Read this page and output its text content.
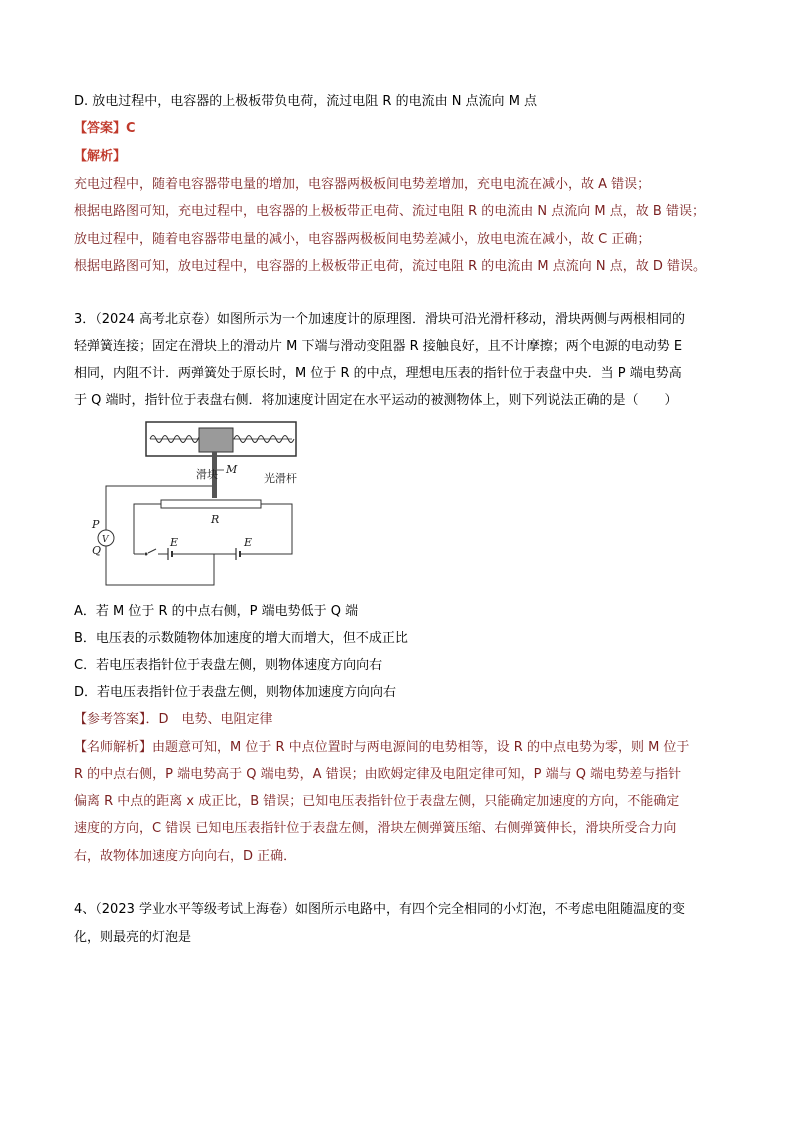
D. 放电过程中，电容器的上极板带负电荷，流过电阻 R 的电流由 N 点流向 M 点
【答案】C
【解析】
充电过程中，随着电容器带电量的增加，电容器两极板间电势差增加，充电电流在减小，故 A 错误；
根据电路图可知，充电过程中，电容器的上极板带正电荷、流过电阻 R 的电流由 N 点流向 M 点，故 B 错误；
放电过程中，随着电容器带电量的减小，电容器两极板间电势差减小，放电电流在减小，故 C 正确；
根据电路图可知，放电过程中，电容器的上极板带正电荷，流过电阻 R 的电流由 M 点流向 N 点，故 D 错误。
3．（2024 高考北京卷）如图所示为一个加速度计的原理图．滑块可沿光滑杆移动，滑块两侧与两根相同的
轻弹簧连接；固定在滑块上的滑动片 M 下端与滑动变阻器 R 接触良好，且不计摩擦；两个电源的电动势 E
相同，内阻不计．两弹簧处于原长时，M 位于 R 的中点，理想电压表的指针位于表盘中央．当 P 端电势高
于 Q 端时，指针位于表盘右侧．将加速度计固定在水平运动的被测物体上，则下列说法正确的是（　　）
滑块 M
光滑杆
R
V
P
Q
E	E
A．若 M 位于 R 的中点右侧，P 端电势低于 Q 端
B．电压表的示数随物体加速度的增大而增大，但不成正比
C．若电压表指针位于表盘左侧，则物体速度方向向右
D．若电压表指针位于表盘左侧，则物体加速度方向向右
【参考答案】．D　电势、电阻定律
【名师解析】由题意可知，M 位于 R 中点位置时与两电源间的电势相等，设 R 的中点电势为零，则 M 位于
R 的中点右侧，P 端电势高于 Q 端电势，A 错误；由欧姆定律及电阻定律可知，P 端与 Q 端电势差与指针
偏离 R 中点的距离 x 成正比，B 错误；已知电压表指针位于表盘左侧，只能确定加速度的方向，不能确定
速度的方向，C 错误 已知电压表指针位于表盘左侧，滑块左侧弹簧压缩、右侧弹簧伸长，滑块所受合力向
右，故物体加速度方向向右，D 正确．
4、（2023 学业水平等级考试上海卷）如图所示电路中，有四个完全相同的小灯泡，不考虑电阻随温度的变
化，则最亮的灯泡是
